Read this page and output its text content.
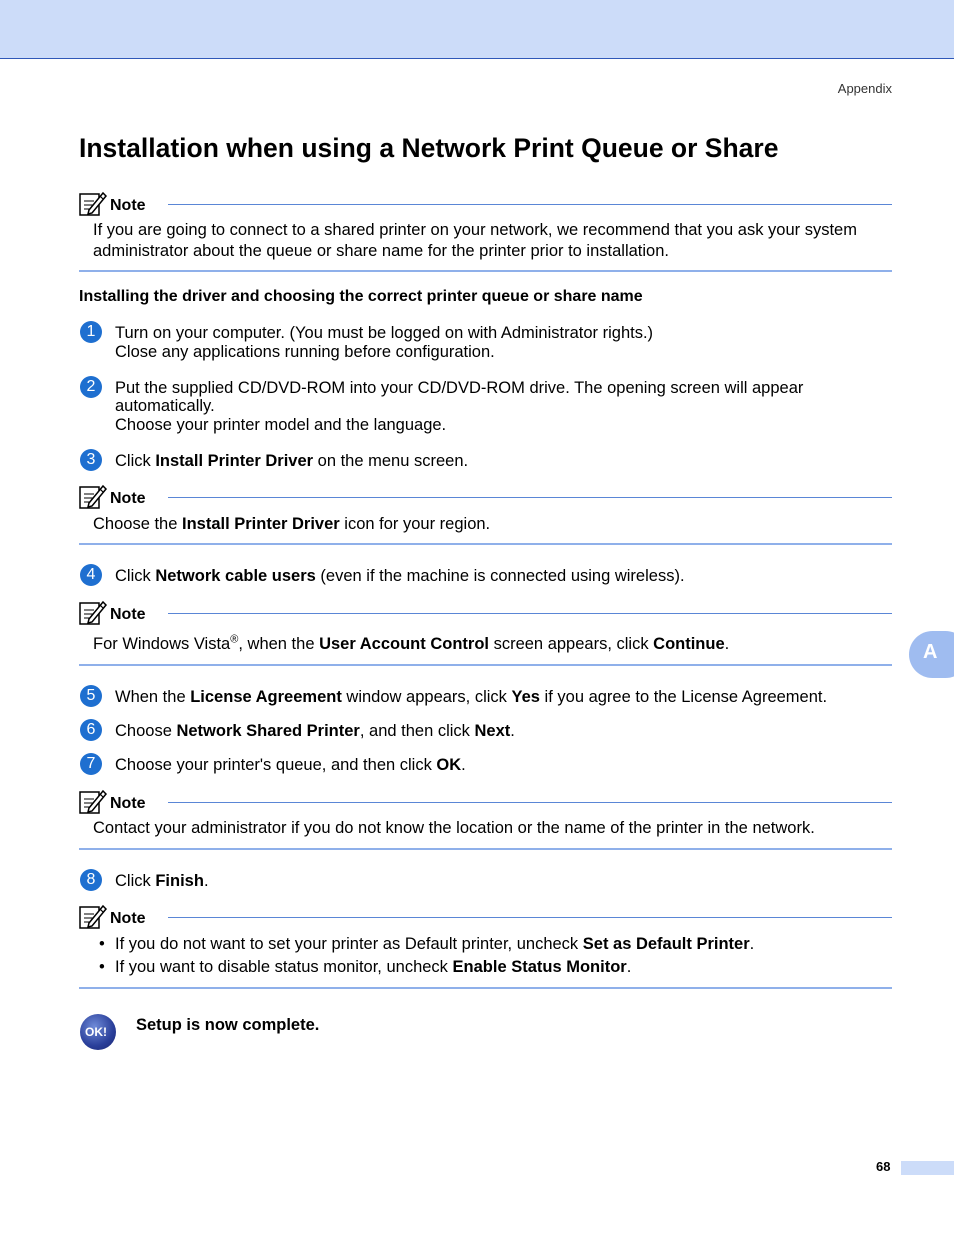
Appendix
Installation when using a Network Print Queue or Share
Note
If you are going to connect to a shared printer on your network, we recommend that you ask your system
administrator about the queue or share name for the printer prior to installation.
Installing the driver and choosing the correct printer queue or share name
1	Turn on your computer. (You must be logged on with Administrator rights.)
Close any applications running before configuration.
2	Put the supplied CD/DVD-ROM into your CD/DVD-ROM drive. The opening screen will appear
automatically.
Choose your printer model and the language.
3	Click Install Printer Driver on the menu screen.
Note
Choose the Install Printer Driver icon for your region.
4	Click Network cable users (even if the machine is connected using wireless).
Note
For Windows Vista®, when the User Account Control screen appears, click Continue.
5	When the License Agreement window appears, click Yes if you agree to the License Agreement.
6	Choose Network Shared Printer, and then click Next.
7	Choose your printer's queue, and then click OK.
Note
Contact your administrator if you do not know the location or the name of the printer in the network.
8	Click Finish.
Note
• If you do not want to set your printer as Default printer, uncheck Set as Default Printer.
• If you want to disable status monitor, uncheck Enable Status Monitor.
OK! Setup is now complete.
A
68
